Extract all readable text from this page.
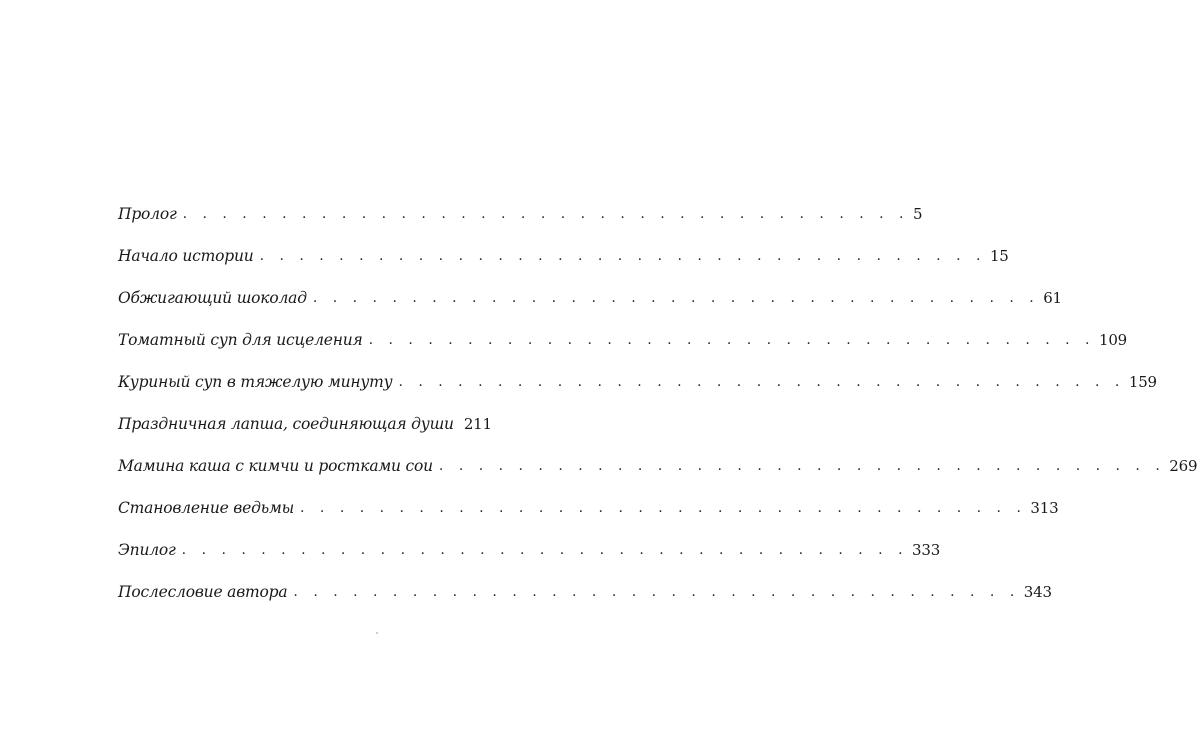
Пролог . . . . . . . . . . . . . . . . . . . . . . . . . . . . . . . . . . . . . 5
Начало истории . . . . . . . . . . . . . . . . . . . . . . . . . . . . . . . . . . . . . 15
Обжигающий шоколад . . . . . . . . . . . . . . . . . . . . . . . . . . . . . . . . . . . . . 61
Томатный суп для исцеления . . . . . . . . . . . . . . . . . . . . . . . . . . . . . . . . . . . . . 109
Куриный суп в тяжелую минуту . . . . . . . . . . . . . . . . . . . . . . . . . . . . . . . . . . . . . 159
Праздничная лапша, соединяющая души 211
Мамина каша с кимчи и ростками сои . . . . . . . . . . . . . . . . . . . . . . . . . . . . . . . . . . . . . 269
Становление ведьмы . . . . . . . . . . . . . . . . . . . . . . . . . . . . . . . . . . . . . 313
Эпилог . . . . . . . . . . . . . . . . . . . . . . . . . . . . . . . . . . . . . 333
Послесловие автора . . . . . . . . . . . . . . . . . . . . . . . . . . . . . . . . . . . . . 343
